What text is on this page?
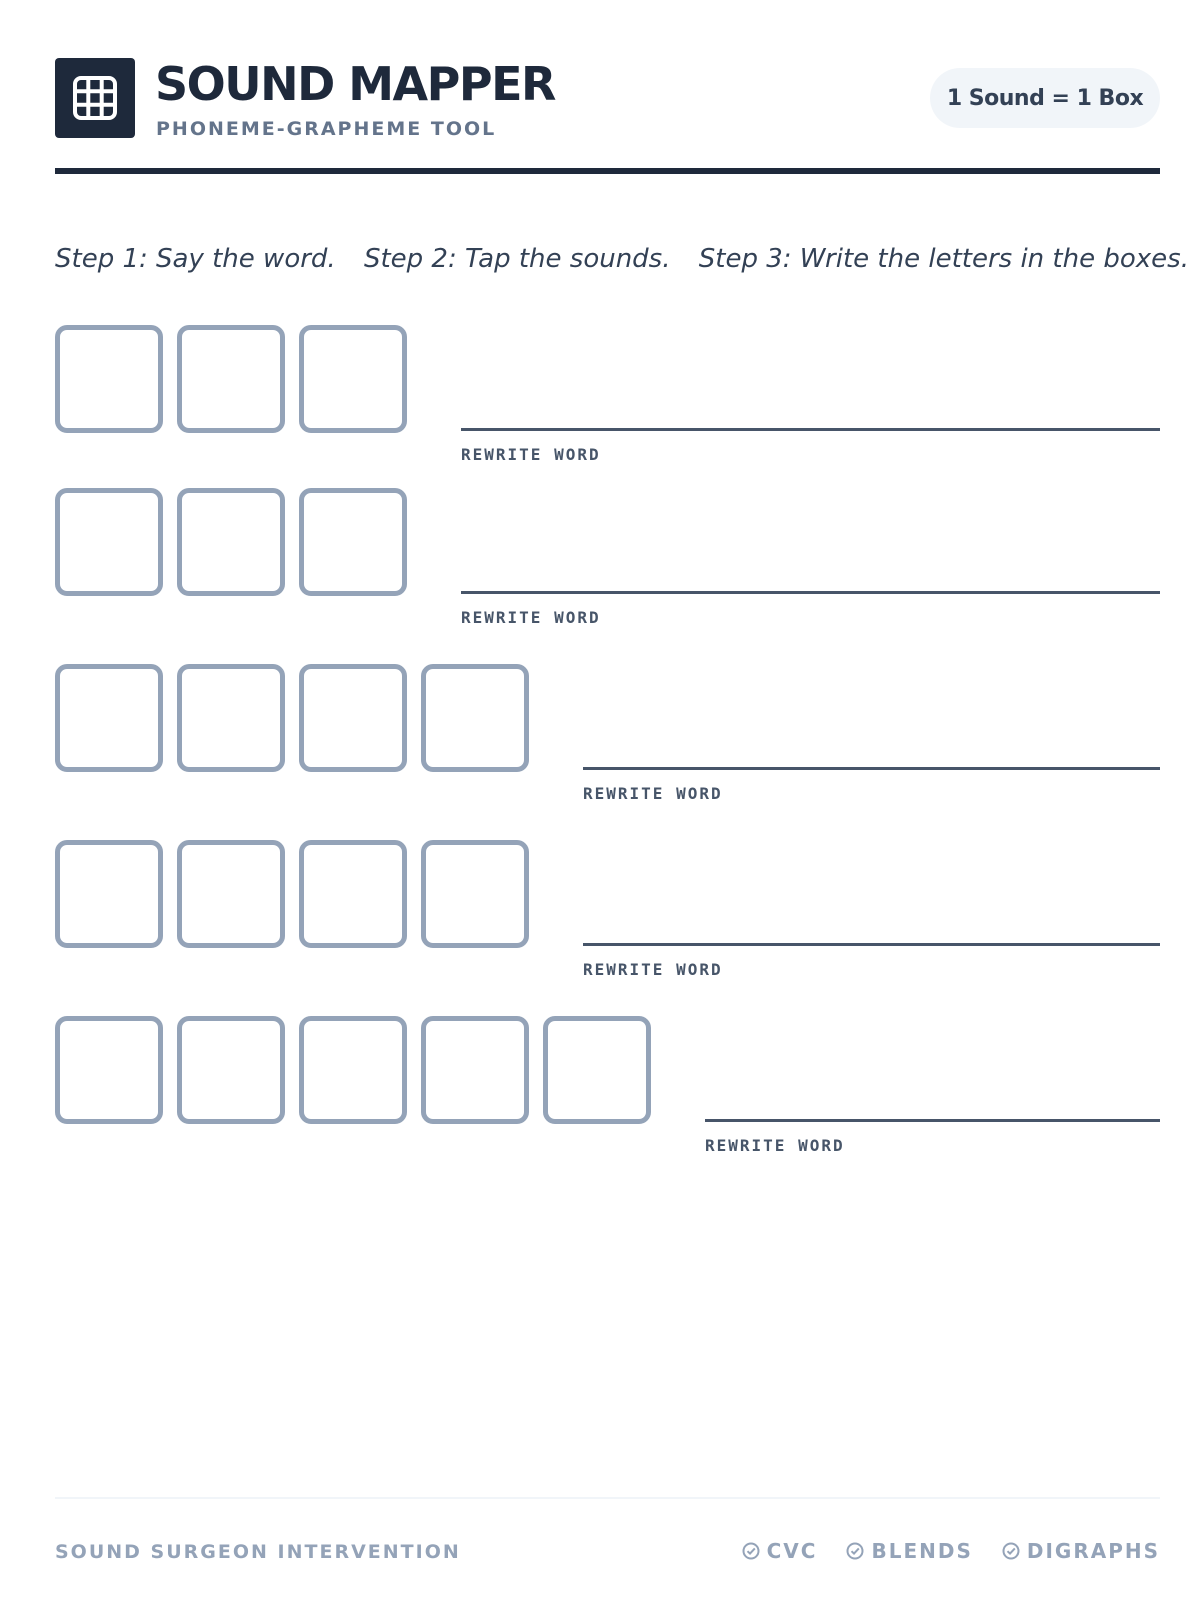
SOUND MAPPER
PHONEME-GRAPHEME TOOL
1 Sound = 1 Box
Step 1: Say the word. Step 2: Tap the sounds. Step 3: Write the letters in the boxes.
REWRITE WORD
REWRITE WORD
REWRITE WORD
REWRITE WORD
REWRITE WORD
SOUND SURGEON INTERVENTION	CVC	BLENDS	DIGRAPHS
